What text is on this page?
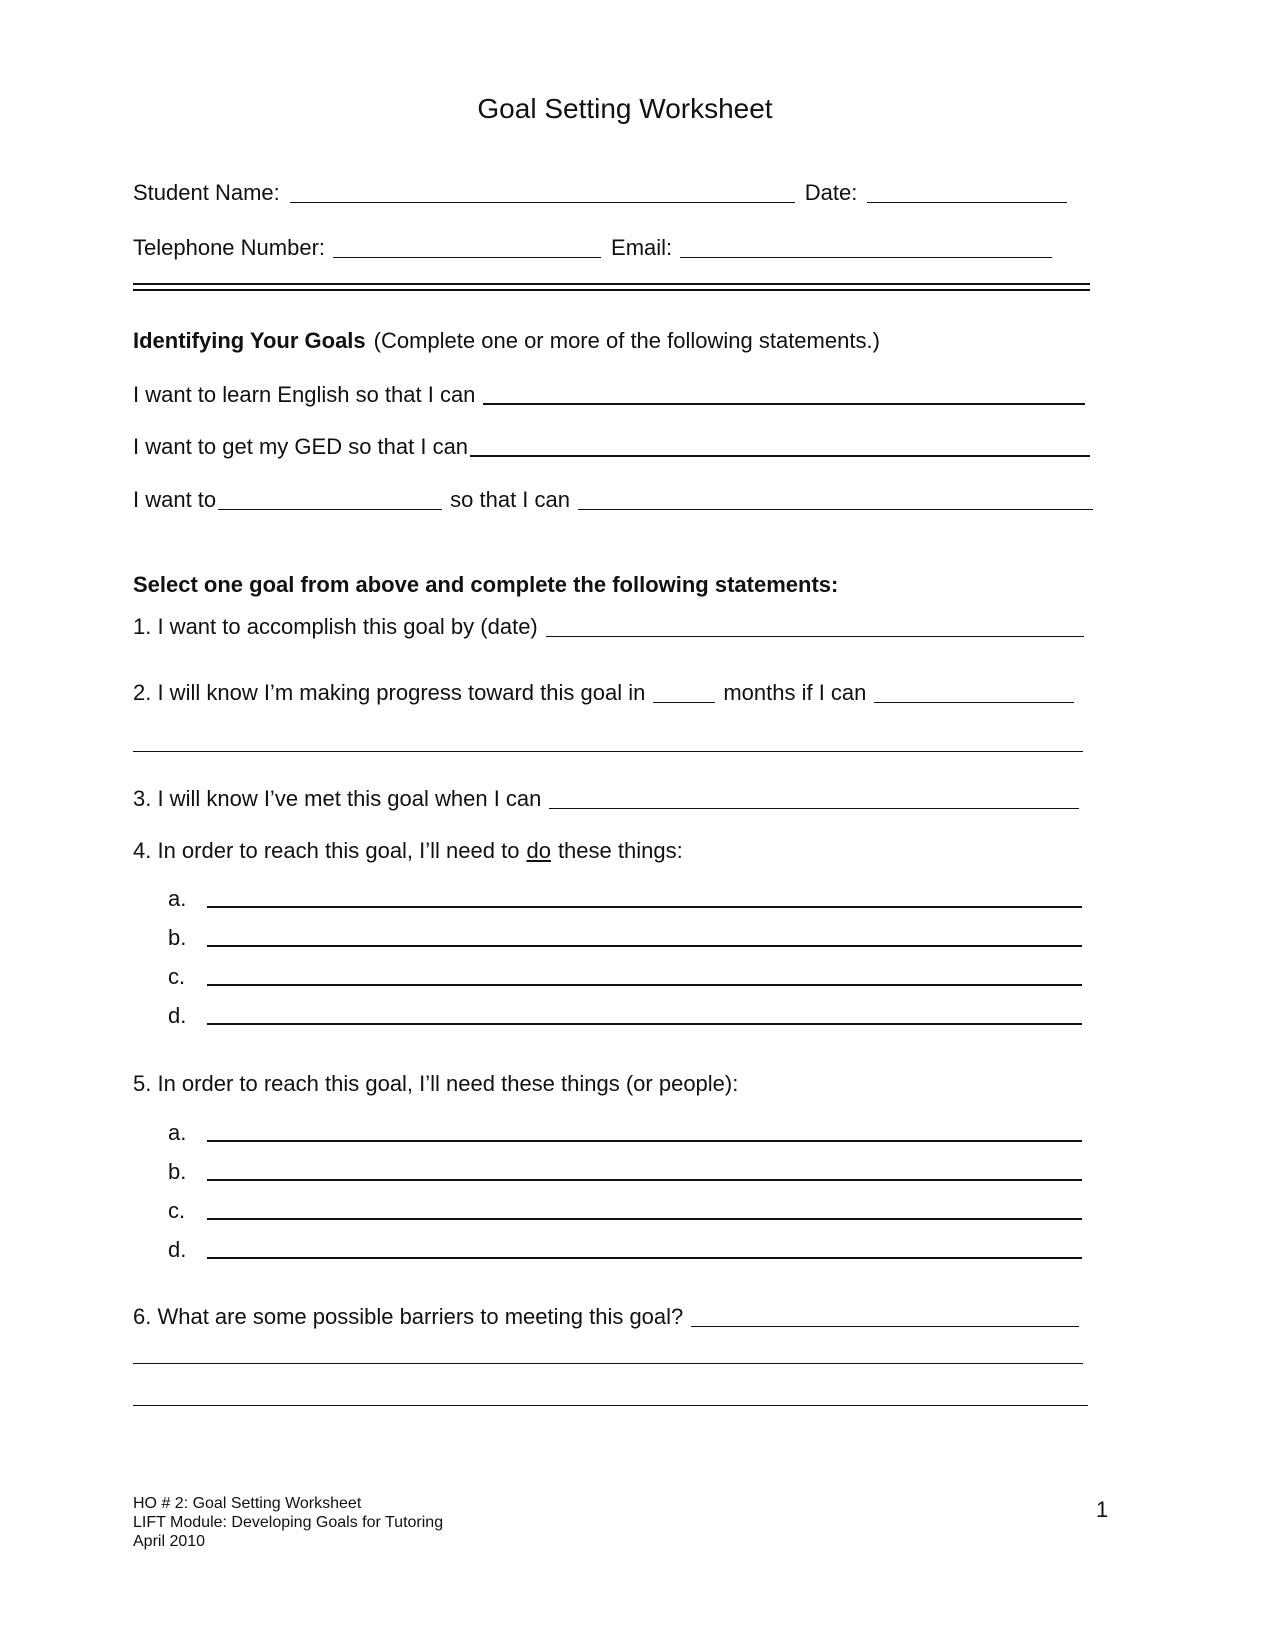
Goal Setting Worksheet
Student Name:	Date:
Telephone Number:	Email:
Identifying Your Goals (Complete one or more of the following statements.)
I want to learn English so that I can
I want to get my GED so that I can
I want to	so that I can
Select one goal from above and complete the following statements:
1. I want to accomplish this goal by (date)
2. I will know I’m making progress toward this goal in	months if I can
3. I will know I’ve met this goal when I can
4. In order to reach this goal, I’ll need to do these things:
a.
b.
c.
d.
5. In order to reach this goal, I’ll need these things (or people):
a.
b.
c.
d.
6. What are some possible barriers to meeting this goal?
HO # 2: Goal Setting Worksheet
LIFT Module: Developing Goals for Tutoring
April 2010
1
